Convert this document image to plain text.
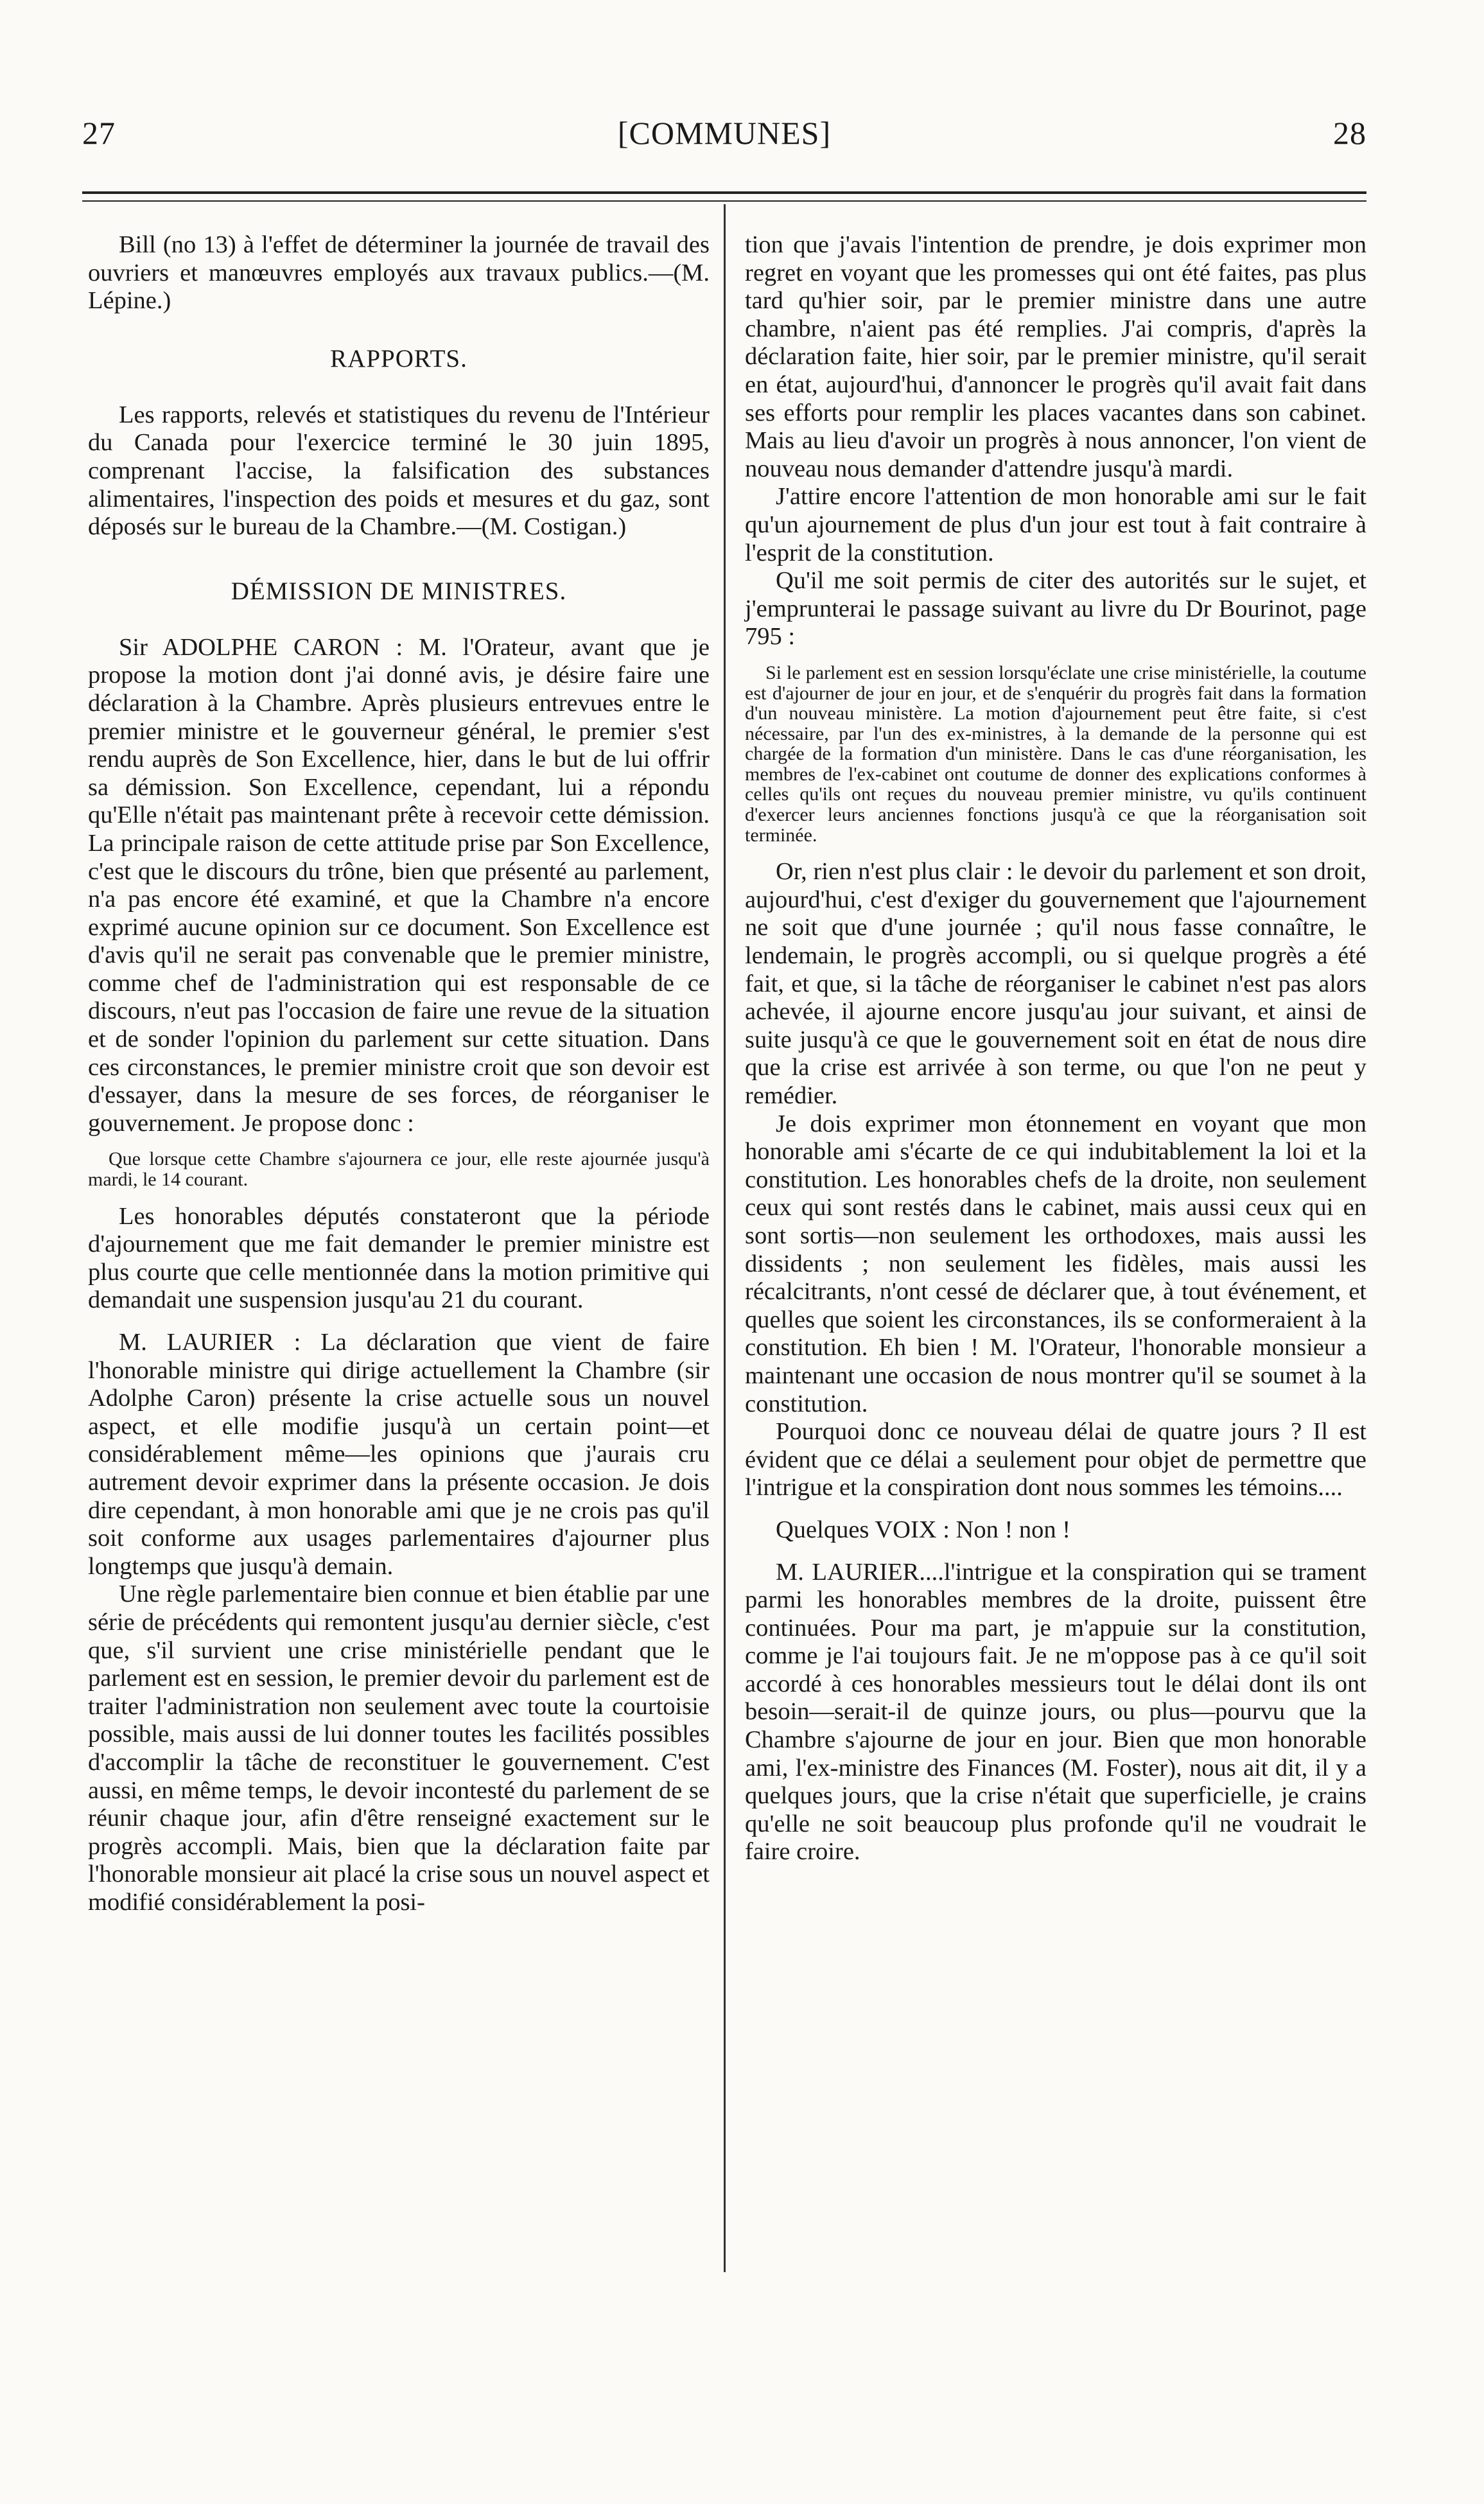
27	[COMMUNES]	28

Bill (no 13) à l'effet de déterminer la journée de travail des ouvriers et manœuvres employés aux travaux publics.—(M. Lépine.)

RAPPORTS.

Les rapports, relevés et statistiques du revenu de l'Intérieur du Canada pour l'exercice terminé le 30 juin 1895, comprenant l'accise, la falsification des substances alimentaires, l'inspection des poids et mesures et du gaz, sont déposés sur le bureau de la Chambre.—(M. Costigan.)

DÉMISSION DE MINISTRES.

Sir ADOLPHE CARON : M. l'Orateur, avant que je propose la motion dont j'ai donné avis, je désire faire une déclaration à la Chambre. Après plusieurs entrevues entre le premier ministre et le gouverneur général, le premier s'est rendu auprès de Son Excellence, hier, dans le but de lui offrir sa démission. Son Excellence, cependant, lui a répondu qu'Elle n'était pas maintenant prête à recevoir cette démission. La principale raison de cette attitude prise par Son Excellence, c'est que le discours du trône, bien que présenté au parlement, n'a pas encore été examiné, et que la Chambre n'a encore exprimé aucune opinion sur ce document. Son Excellence est d'avis qu'il ne serait pas convenable que le premier ministre, comme chef de l'administration qui est responsable de ce discours, n'eut pas l'occasion de faire une revue de la situation et de sonder l'opinion du parlement sur cette situation. Dans ces circonstances, le premier ministre croit que son devoir est d'essayer, dans la mesure de ses forces, de réorganiser le gouvernement. Je propose donc :

Que lorsque cette Chambre s'ajournera ce jour, elle reste ajournée jusqu'à mardi, le 14 courant.

Les honorables députés constateront que la période d'ajournement que me fait demander le premier ministre est plus courte que celle mentionnée dans la motion primitive qui demandait une suspension jusqu'au 21 du courant.

M. LAURIER : La déclaration que vient de faire l'honorable ministre qui dirige actuellement la Chambre (sir Adolphe Caron) présente la crise actuelle sous un nouvel aspect, et elle modifie jusqu'à un certain point—et considérablement même—les opinions que j'aurais cru autrement devoir exprimer dans la présente occasion. Je dois dire cependant, à mon honorable ami que je ne crois pas qu'il soit conforme aux usages parlementaires d'ajourner plus longtemps que jusqu'à demain.

Une règle parlementaire bien connue et bien établie par une série de précédents qui remontent jusqu'au dernier siècle, c'est que, s'il survient une crise ministérielle pendant que le parlement est en session, le premier devoir du parlement est de traiter l'administration non seulement avec toute la courtoisie possible, mais aussi de lui donner toutes les facilités possibles d'accomplir la tâche de reconstituer le gouvernement. C'est aussi, en même temps, le devoir incontesté du parlement de se réunir chaque jour, afin d'être renseigné exactement sur le progrès accompli. Mais, bien que la déclaration faite par l'honorable monsieur ait placé la crise sous un nouvel aspect et modifié considérablement la posi-

tion que j'avais l'intention de prendre, je dois exprimer mon regret en voyant que les promesses qui ont été faites, pas plus tard qu'hier soir, par le premier ministre dans une autre chambre, n'aient pas été remplies. J'ai compris, d'après la déclaration faite, hier soir, par le premier ministre, qu'il serait en état, aujourd'hui, d'annoncer le progrès qu'il avait fait dans ses efforts pour remplir les places vacantes dans son cabinet. Mais au lieu d'avoir un progrès à nous annoncer, l'on vient de nouveau nous demander d'attendre jusqu'à mardi.

J'attire encore l'attention de mon honorable ami sur le fait qu'un ajournement de plus d'un jour est tout à fait contraire à l'esprit de la constitution.

Qu'il me soit permis de citer des autorités sur le sujet, et j'emprunterai le passage suivant au livre du Dr Bourinot, page 795 :

Si le parlement est en session lorsqu'éclate une crise ministérielle, la coutume est d'ajourner de jour en jour, et de s'enquérir du progrès fait dans la formation d'un nouveau ministère. La motion d'ajournement peut être faite, si c'est nécessaire, par l'un des ex-ministres, à la demande de la personne qui est chargée de la formation d'un ministère. Dans le cas d'une réorganisation, les membres de l'ex-cabinet ont coutume de donner des explications conformes à celles qu'ils ont reçues du nouveau premier ministre, vu qu'ils continuent d'exercer leurs anciennes fonctions jusqu'à ce que la réorganisation soit terminée.

Or, rien n'est plus clair : le devoir du parlement et son droit, aujourd'hui, c'est d'exiger du gouvernement que l'ajournement ne soit que d'une journée ; qu'il nous fasse connaître, le lendemain, le progrès accompli, ou si quelque progrès a été fait, et que, si la tâche de réorganiser le cabinet n'est pas alors achevée, il ajourne encore jusqu'au jour suivant, et ainsi de suite jusqu'à ce que le gouvernement soit en état de nous dire que la crise est arrivée à son terme, ou que l'on ne peut y remédier.

Je dois exprimer mon étonnement en voyant que mon honorable ami s'écarte de ce qui indubitablement la loi et la constitution. Les honorables chefs de la droite, non seulement ceux qui sont restés dans le cabinet, mais aussi ceux qui en sont sortis—non seulement les orthodoxes, mais aussi les dissidents ; non seulement les fidèles, mais aussi les récalcitrants, n'ont cessé de déclarer que, à tout événement, et quelles que soient les circonstances, ils se conformeraient à la constitution. Eh bien ! M. l'Orateur, l'honorable monsieur a maintenant une occasion de nous montrer qu'il se soumet à la constitution.

Pourquoi donc ce nouveau délai de quatre jours ? Il est évident que ce délai a seulement pour objet de permettre que l'intrigue et la conspiration dont nous sommes les témoins....

Quelques VOIX : Non ! non !

M. LAURIER....l'intrigue et la conspiration qui se trament parmi les honorables membres de la droite, puissent être continuées. Pour ma part, je m'appuie sur la constitution, comme je l'ai toujours fait. Je ne m'oppose pas à ce qu'il soit accordé à ces honorables messieurs tout le délai dont ils ont besoin—serait-il de quinze jours, ou plus—pourvu que la Chambre s'ajourne de jour en jour. Bien que mon honorable ami, l'ex-ministre des Finances (M. Foster), nous ait dit, il y a quelques jours, que la crise n'était que superficielle, je crains qu'elle ne soit beaucoup plus profonde qu'il ne voudrait le faire croire.
